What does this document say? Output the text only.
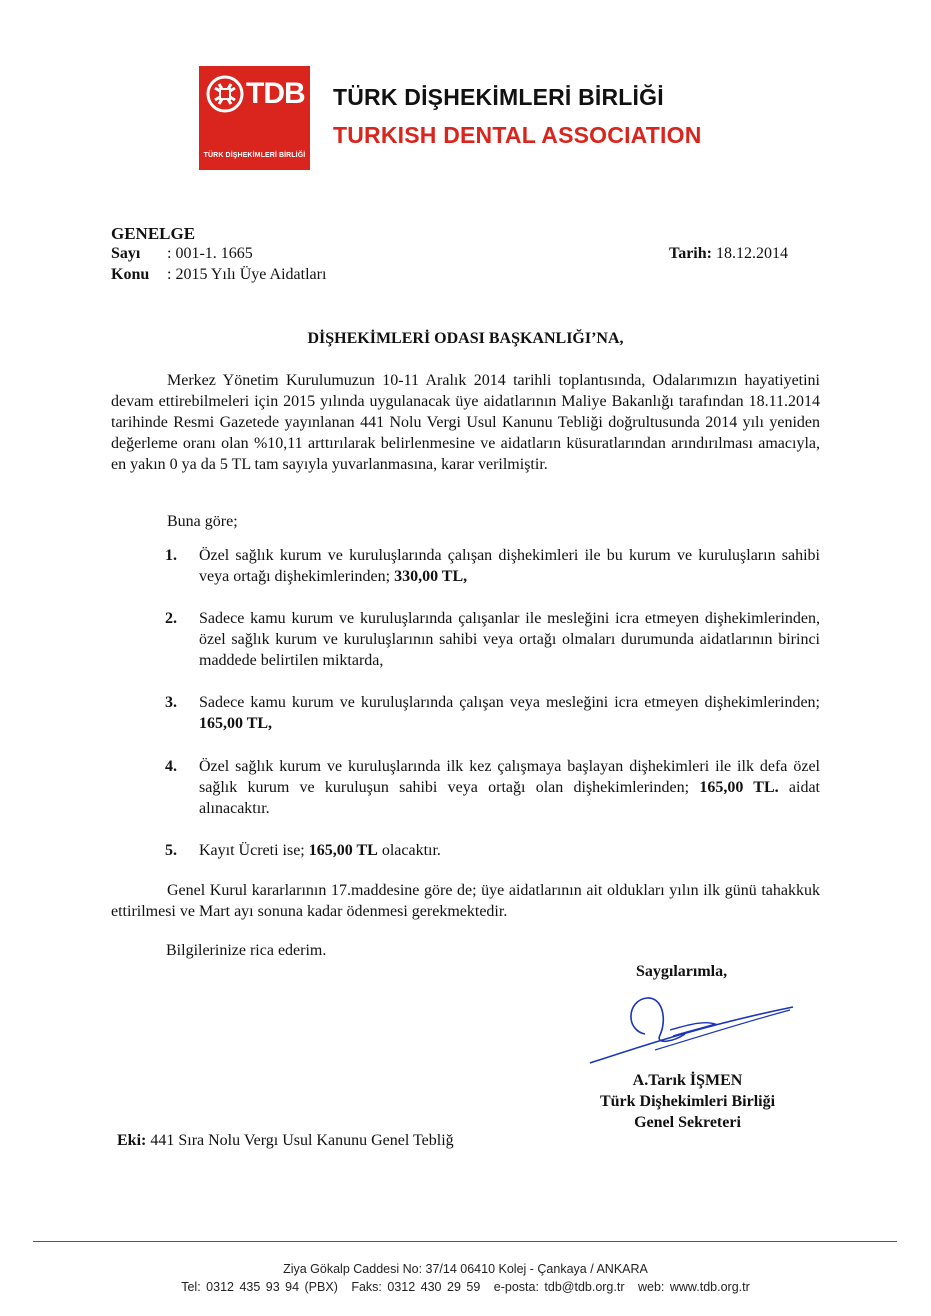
TDB
TÜRK DİŞHEKİMLERİ BİRLİĞİ
TÜRK DİŞHEKİMLERİ BİRLİĞİ
TURKISH DENTAL ASSOCIATION
GENELGE
Sayı : 001-1. 1665
Konu : 2015 Yılı Üye Aidatları
Tarih: 18.12.2014
DİŞHEKİMLERİ ODASI BAŞKANLIĞI’NA,
Merkez Yönetim Kurulumuzun 10-11 Aralık 2014 tarihli toplantısında, Odalarımızın hayatiyetini devam ettirebilmeleri için 2015 yılında uygulanacak üye aidatlarının Maliye Bakanlığı tarafından 18.11.2014 tarihinde Resmi Gazetede yayınlanan 441 Nolu Vergi Usul Kanunu Tebliği doğrultusunda 2014 yılı yeniden değerleme oranı olan %10,11 arttırılarak belirlenmesine ve aidatların küsuratlarından arındırılması amacıyla, en yakın 0 ya da 5 TL tam sayıyla yuvarlanmasına, karar verilmiştir.
Buna göre;
1. Özel sağlık kurum ve kuruluşlarında çalışan dişhekimleri ile bu kurum ve kuruluşların sahibi veya ortağı dişhekimlerinden; 330,00 TL,
2. Sadece kamu kurum ve kuruluşlarında çalışanlar ile mesleğini icra etmeyen dişhekimlerinden, özel sağlık kurum ve kuruluşlarının sahibi veya ortağı olmaları durumunda aidatlarının birinci maddede belirtilen miktarda,
3. Sadece kamu kurum ve kuruluşlarında çalışan veya mesleğini icra etmeyen dişhekimlerinden; 165,00 TL,
4. Özel sağlık kurum ve kuruluşlarında ilk kez çalışmaya başlayan dişhekimleri ile ilk defa özel sağlık kurum ve kuruluşun sahibi veya ortağı olan dişhekimlerinden; 165,00 TL. aidat alınacaktır.
5. Kayıt Ücreti ise; 165,00 TL olacaktır.
Genel Kurul kararlarının 17.maddesine göre de; üye aidatlarının ait oldukları yılın ilk günü tahakkuk ettirilmesi ve Mart ayı sonuna kadar ödenmesi gerekmektedir.
Bilgilerinize rica ederim.
Saygılarımla,
A.Tarık İŞMEN
Türk Dişhekimleri Birliği
Genel Sekreteri
Eki: 441 Sıra Nolu Vergı Usul Kanunu Genel Tebliğ
Ziya Gökalp Caddesi No: 37/14 06410 Kolej - Çankaya / ANKARA
Tel: 0312 435 93 94 (PBX) Faks: 0312 430 29 59 e-posta: tdb@tdb.org.tr web: www.tdb.org.tr
